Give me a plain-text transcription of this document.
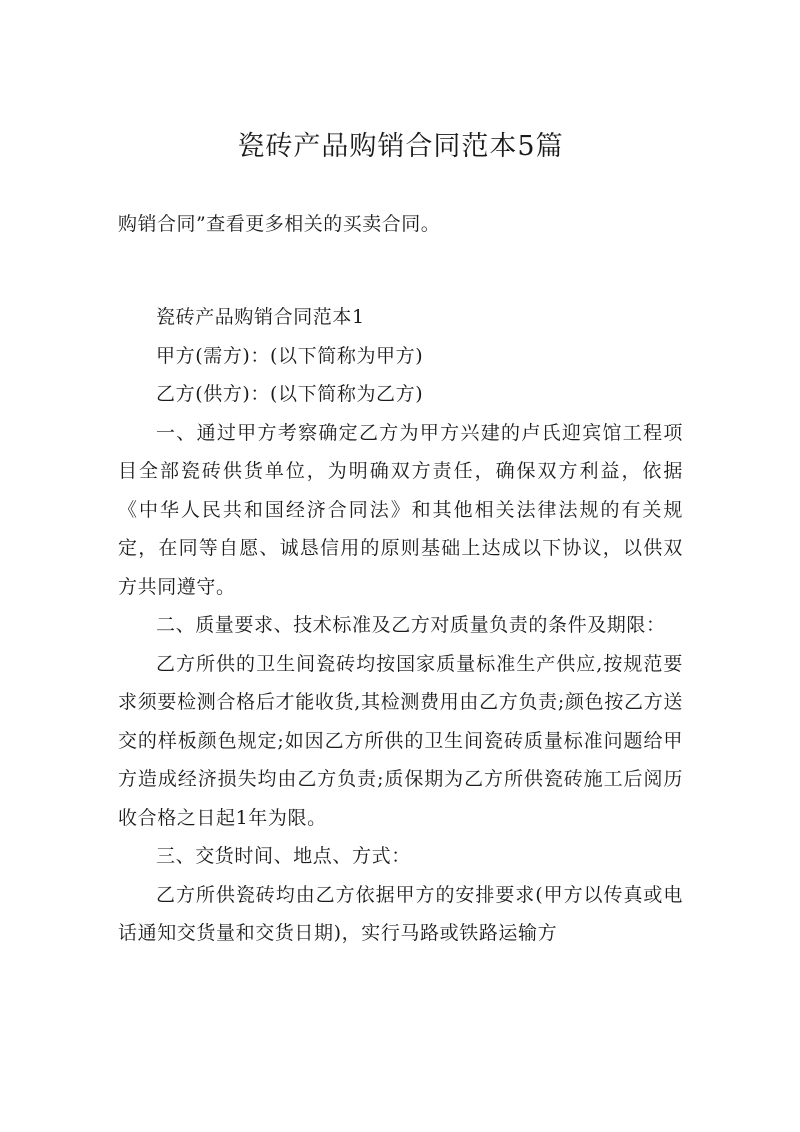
瓷砖产品购销合同范本5篇

购销合同”查看更多相关的买卖合同。

瓷砖产品购销合同范本1

甲方(需方)：(以下简称为甲方)

乙方(供方)：(以下简称为乙方)

一、通过甲方考察确定乙方为甲方兴建的卢氏迎宾馆工程项目全部瓷砖供货单位，为明确双方责任，确保双方利益，依据《中华人民共和国经济合同法》和其他相关法律法规的有关规定，在同等自愿、诚恳信用的原则基础上达成以下协议，以供双方共同遵守。

二、质量要求、技术标准及乙方对质量负责的条件及期限：

乙方所供的卫生间瓷砖均按国家质量标准生产供应,按规范要求须要检测合格后才能收货,其检测费用由乙方负责;颜色按乙方送交的样板颜色规定;如因乙方所供的卫生间瓷砖质量标准问题给甲方造成经济损失均由乙方负责;质保期为乙方所供瓷砖施工后阅历收合格之日起1年为限。

三、交货时间、地点、方式：

乙方所供瓷砖均由乙方依据甲方的安排要求(甲方以传真或电话通知交货量和交货日期)，实行马路或铁路运输方
